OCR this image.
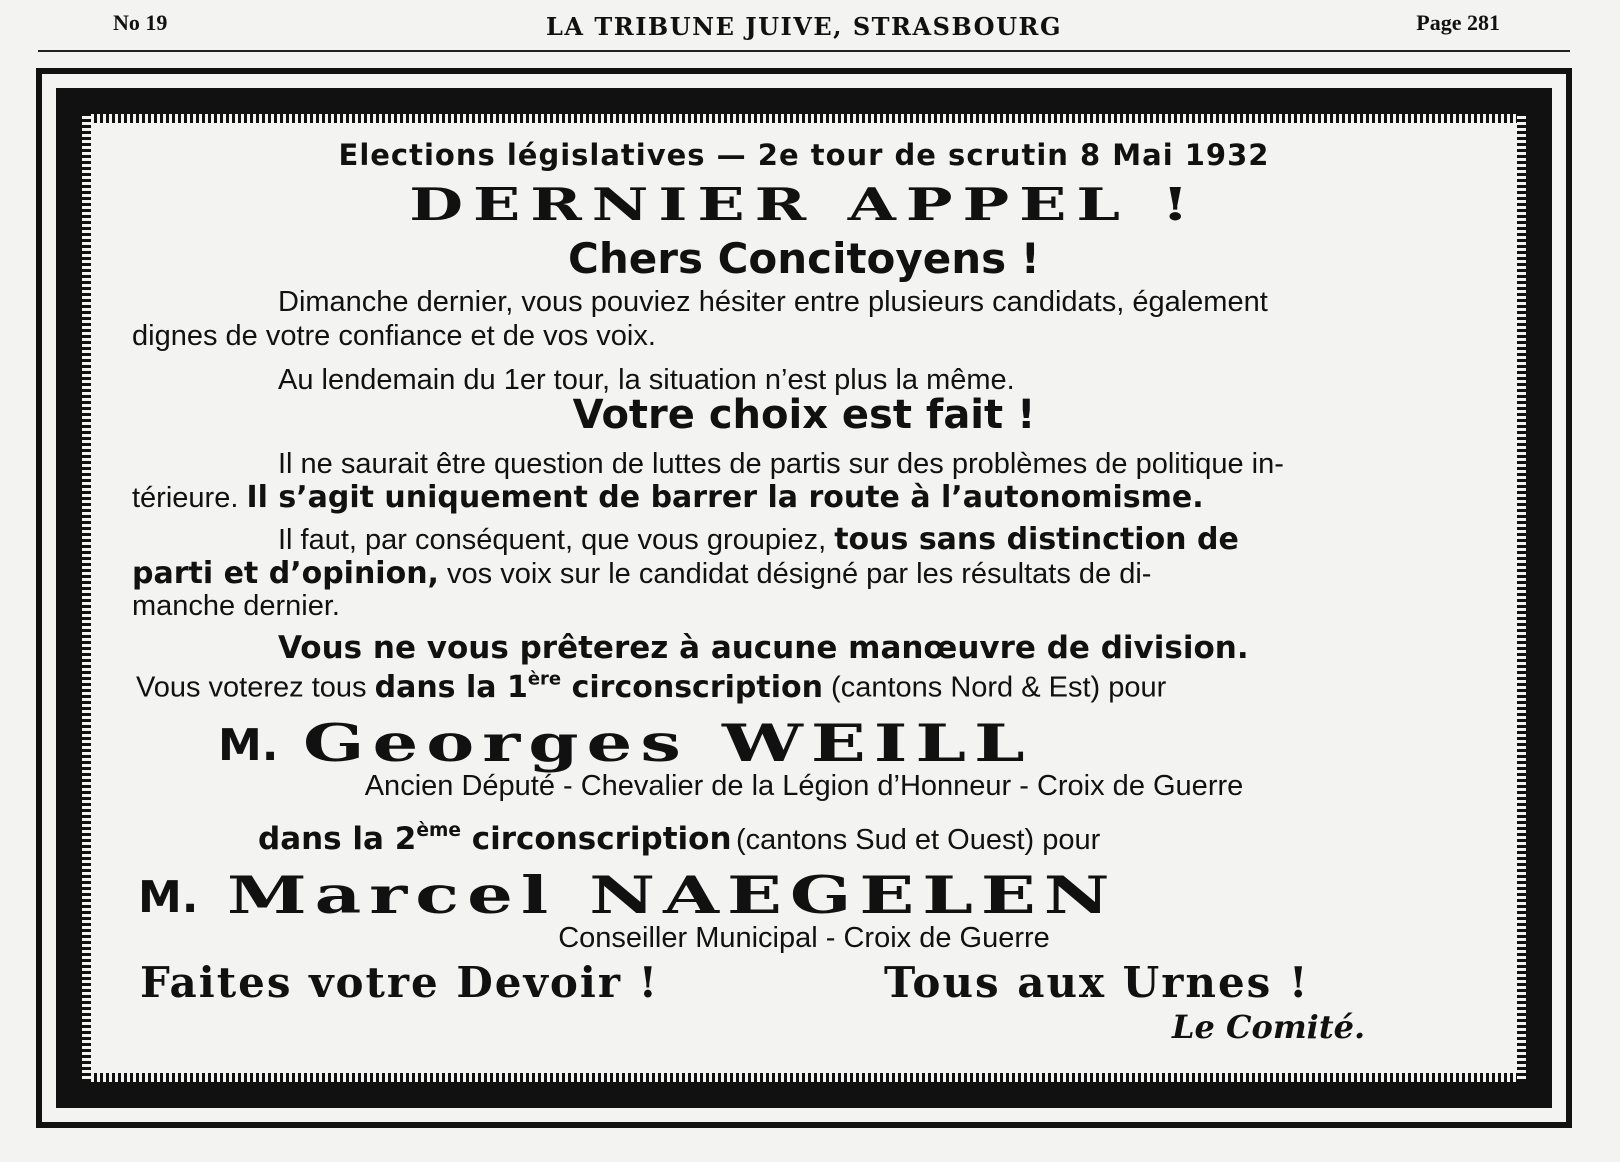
No 19	LA TRIBUNE JUIVE, STRASBOURG	Page 281
Elections législatives — 2e tour de scrutin 8 Mai 1932
DERNIER APPEL !
Chers Concitoyens !
Dimanche dernier, vous pouviez hésiter entre plusieurs candidats, également
dignes de votre confiance et de vos voix.
Au lendemain du 1er tour, la situation n’est plus la même.
Votre choix est fait !
Il ne saurait être question de luttes de partis sur des problèmes de politique in-
térieure. Il s’agit uniquement de barrer la route à l’autonomisme.
Il faut, par conséquent, que vous groupiez, tous sans distinction de
parti et d’opinion, vos voix sur le candidat désigné par les résultats de di-
manche dernier.
Vous ne vous prêterez à aucune manœuvre de division.
Vous voterez tous dans la 1ère circonscription (cantons Nord & Est) pour
M. Georges WEILL
Ancien Député - Chevalier de la Légion d’Honneur - Croix de Guerre
dans la 2ème circonscription (cantons Sud et Ouest) pour
M. Marcel NAEGELEN
Conseiller Municipal - Croix de Guerre
Faites votre Devoir !	Tous aux Urnes !
Le Comité.
